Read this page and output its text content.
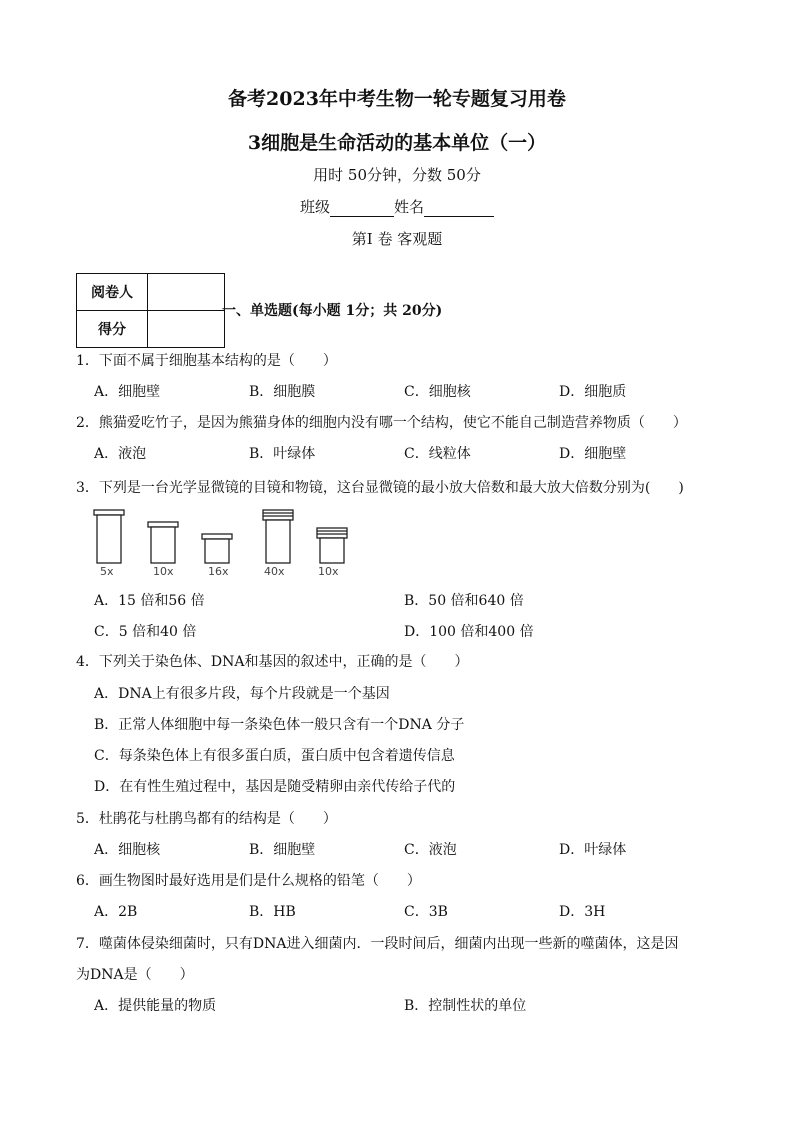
备考2023年中考生物一轮专题复习用卷
3细胞是生命活动的基本单位（一）
用时 50分钟，分数 50分
班级	姓名
第Ⅰ 卷 客观题
阅卷人	
得分	
一、单选题(每小题 1分；共 20分)
1．下面不属于细胞基本结构的是（　　）
A．细胞壁	B．细胞膜	C．细胞核	D．细胞质
2．熊猫爱吃竹子，是因为熊猫身体的细胞内没有哪一个结构，使它不能自己制造营养物质（　　）
A．液泡	B．叶绿体	C．线粒体	D．细胞壁
3．下列是一台光学显微镜的目镜和物镜，这台显微镜的最小放大倍数和最大放大倍数分别为(　　)
5x	10x	16x	40x	10x
A．15 倍和56 倍	B．50 倍和640 倍
C．5 倍和40 倍	D．100 倍和400 倍
4．下列关于染色体、DNA和基因的叙述中，正确的是（　　）
A．DNA上有很多片段，每个片段就是一个基因
B．正常人体细胞中每一条染色体一般只含有一个DNA 分子
C．每条染色体上有很多蛋白质，蛋白质中包含着遗传信息
D．在有性生殖过程中，基因是随受精卵由亲代传给子代的
5．杜鹃花与杜鹃鸟都有的结构是（　　）
A．细胞核	B．细胞壁	C．液泡	D．叶绿体
6．画生物图时最好选用是们是什么规格的铅笔（　　）
A．2B	B．HB	C．3B	D．3H
7．噬菌体侵染细菌时，只有DNA进入细菌内．一段时间后，细菌内出现一些新的噬菌体，这是因
为DNA是（　　）
A．提供能量的物质	B．控制性状的单位
